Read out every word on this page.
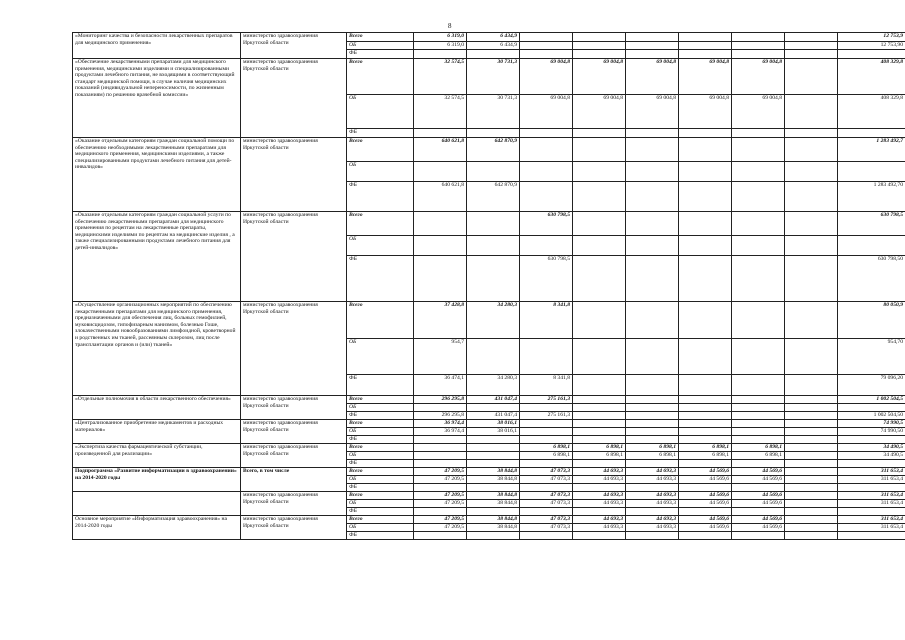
8
«Мониторинг качества и безопасности лекарственных препаратов для медицинского применения»	министерство здравоохранения Иркутской области	Всего	6 319,0	6 434,9							12 753,9
		ОБ	6 319,0	6 434,9							12 753,90
		ФБ									
«Обеспечение лекарственными препаратами для медицинского применения, медицинскими изделиями и специализированными продуктами лечебного питания, не входящими в соответствующий стандарт медицинской помощи, в случае наличия медицинских показаний (индивидуальной непереносимости, по жизненным показаниям) по решению врачебной комиссии»	министерство здравоохранения Иркутской области	Всего	32 574,5	30 731,3	69 004,8	69 004,8	69 004,8	69 004,8	69 004,8		408 329,8
		ОБ	32 574,5	30 731,3	69 004,8	69 004,8	69 004,8	69 004,8	69 004,8		408 329,8
		ФБ									
«Оказание отдельным категориям граждан социальной помощи по обеспечению необходимыми лекарственными препаратами для медицинского применения, медицинскими изделиями, а также специализированными продуктами лечебного питания для детей-инвалидов»	министерство здравоохранения Иркутской области	Всего	640 621,8	642 870,9							1 283 492,7
		ОБ									
		ФБ	640 621,8	642 870,9							1 283 492,70
«Оказание отдельным категориям граждан социальной услуги по обеспечению лекарственными препаратами для медицинского применения по рецептам на лекарственные препараты, медицинскими изделиями по рецептам на медицинские изделия , а также специализированными продуктами лечебного питания для детей-инвалидов»	министерство здравоохранения Иркутской области	Всего			630 798,5						630 798,5
		ОБ									
		ФБ			630 798,5						630 798,50
«Осуществление организационных мероприятий по обеспечению лекарственными препаратами для медицинского применения, предназначенными для обеспечения лиц, больных гемофилией, муковисцидозом, гипофизарным нанизмом, болезнью Гоше, злокачественными новообразованиями лимфоидной, кроветворной и родственных им тканей, рассеянным склерозом, лиц после трансплантации органов и (или) тканей»	министерство здравоохранения Иркутской области	Всего	37 428,8	34 280,3	8 341,8						80 050,9
		ОБ	954,7								954,70
		ФБ	36 474,1	34 280,3	8 341,8						79 096,20
«Отдельные полномочия в области лекарственного обеспечения»	министерство здравоохранения Иркутской области	Всего	296 295,8	431 047,4	275 161,3						1 002 504,5
		ОБ									
		ФБ	296 295,8	431 047,4	275 161,3						1 002 504,50
«Централизованное приобретение медикаментов и расходных материалов»	министерство здравоохранения Иркутской области	Всего	36 974,4	38 016,1							74 990,5
		ОБ	36 974,4	38 016,1							74 990,50
		ФБ									
«Экспертиза качества фармацевтической субстанции, произведенной для реализации»	министерство здравоохранения Иркутской области	Всего			6 898,1	6 898,1	6 898,1	6 898,1	6 898,1		34 490,5
		ОБ			6 898,1	6 898,1	6 898,1	6 898,1	6 898,1		34 490,5
		ФБ									
Подпрограмма «Развитие информатизации в здравоохранении» на 2014-2020 годы	Всего, в том числе	Всего	47 209,5	38 844,8	47 073,3	44 693,3	44 693,3	44 569,6	44 569,6		311 653,4
		ОБ	47 209,5	38 844,8	47 073,3	44 693,3	44 693,3	44 569,6	44 569,6		311 653,4
		ФБ									
	министерство здравоохранения Иркутской области	Всего	47 209,5	38 844,8	47 073,3	44 693,3	44 693,3	44 569,6	44 569,6		311 653,4
		ОБ	47 209,5	38 844,8	47 073,3	44 693,3	44 693,3	44 569,6	44 569,6		311 653,4
		ФБ									
Основное мероприятие «Информатизация здравоохранения» на 2014-2020 годы	министерство здравоохранения Иркутской области	Всего	47 209,5	38 844,8	47 073,3	44 693,3	44 693,3	44 569,6	44 569,6		311 653,4
		ОБ	47 209,5	38 844,8	47 073,3	44 693,3	44 693,3	44 569,6	44 569,6		311 653,4
		ФБ									
